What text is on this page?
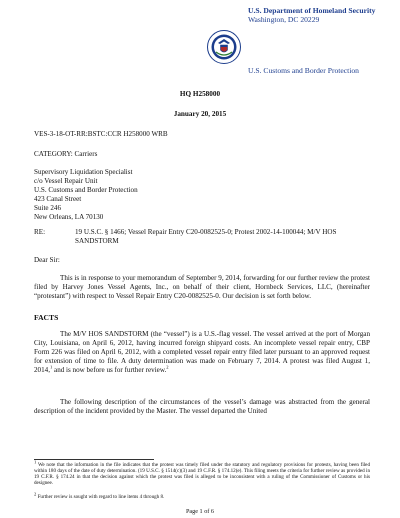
U.S. Department of Homeland Security
Washington, DC 20229
U.S. Customs and Border Protection
HQ H258000
January 20, 2015
VES-3-18-OT-RR:BSTC:CCR H258000 WRB
CATEGORY: Carriers
Supervisory Liquidation Specialist
c/o Vessel Repair Unit
U.S. Customs and Border Protection
423 Canal Street
Suite 246
New Orleans, LA 70130
RE:	19 U.S.C. § 1466; Vessel Repair Entry C20-0082525-0; Protest 2002-14-100044; M/V HOS SANDSTORM
Dear Sir:
This is in response to your memorandum of September 9, 2014, forwarding for our further review the protest filed by Harvey Jones Vessel Agents, Inc., on behalf of their client, Hornbeck Services, LLC, (hereinafter “protestant”) with respect to Vessel Repair Entry C20-0082525-0. Our decision is set forth below.
FACTS
The M/V HOS SANDSTORM (the “vessel”) is a U.S.-flag vessel. The vessel arrived at the port of Morgan City, Louisiana, on April 6, 2012, having incurred foreign shipyard costs. An incomplete vessel repair entry, CBP Form 226 was filed on April 6, 2012, with a completed vessel repair entry filed later pursuant to an approved request for extension of time to file. A duty determination was made on February 7, 2014. A protest was filed August 1, 2014,$^1$ and is now before us for further review.$^2$
The following description of the circumstances of the vessel’s damage was abstracted from the general description of the incident provided by the Master. The vessel departed the United
$^1$ We note that the information in the file indicates that the protest was timely filed under the statutory and regulatory provisions for protests, having been filed within 180 days of the date of duty determination. (19 U.S.C. § 1514(c)(3) and 19 C.F.R. § 174.12(e). This filing meets the criteria for further review as provided in 19 C.F.R. § 174.24 in that the decision against which the protest was filed is alleged to be inconsistent with a ruling of the Commissioner of Customs or his designee.
$^2$ Further review is sought with regard to line items 4 through 8.
Page 1 of 6
